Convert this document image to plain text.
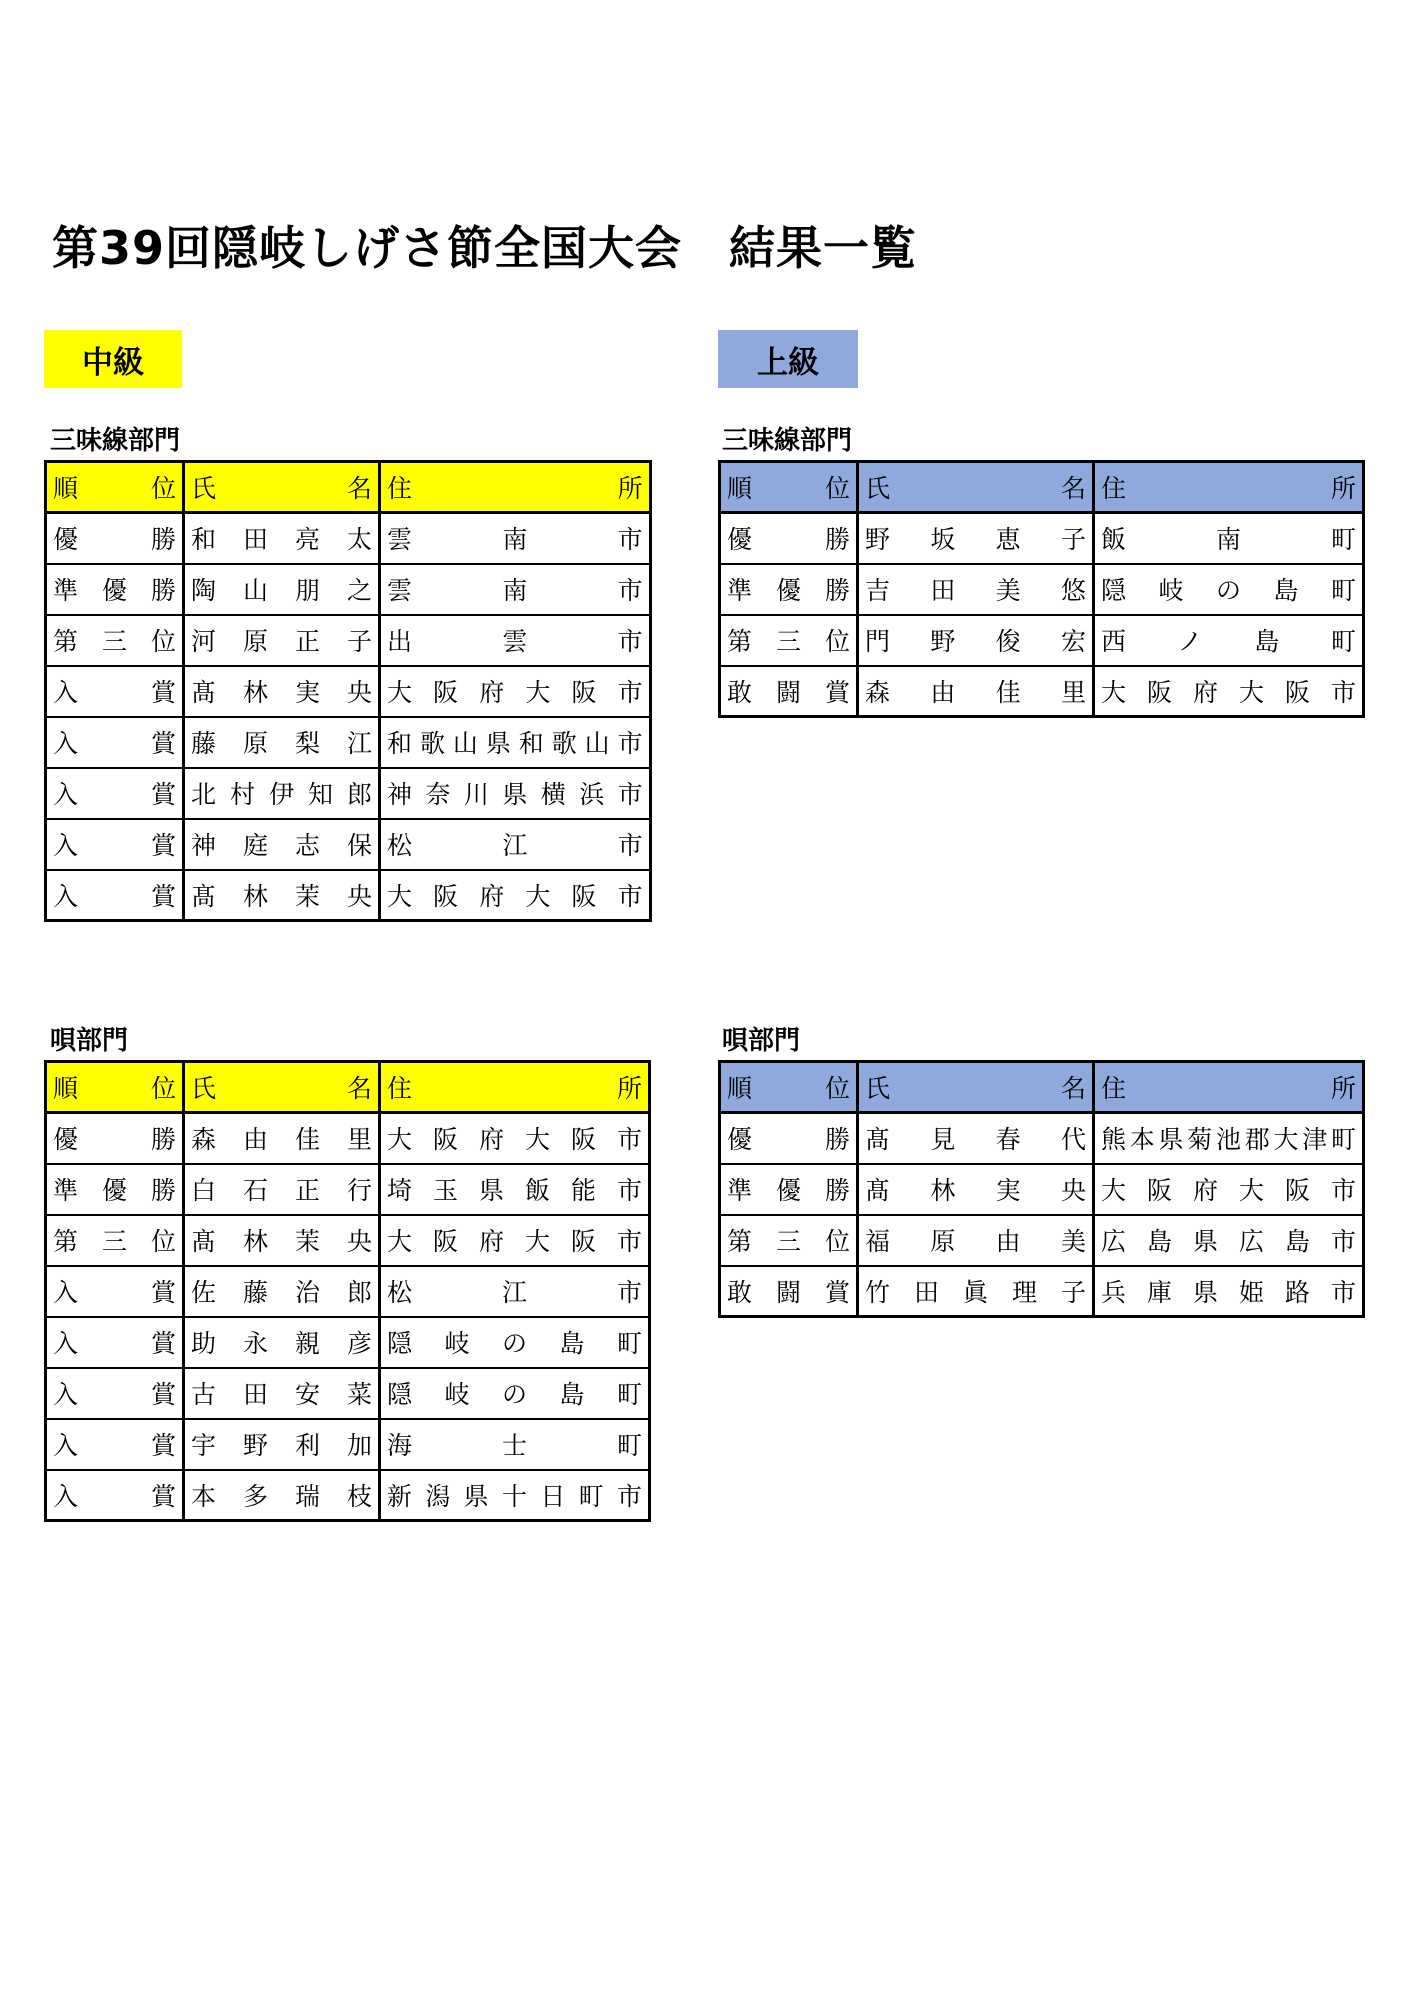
第39回隠岐しげさ節全国大会　結果一覧
中級	上級
三味線部門	三味線部門
唄部門	唄部門
順　位	氏　名	住　所
優　勝	和 田 亮 太	雲 南 市
準 優 勝	陶 山 朋 之	雲 南 市
第 三 位	河 原 正 子	出 雲 市
入　賞	髙 林 実 央	大 阪 府 大 阪 市
入　賞	藤 原 梨 江	和 歌 山 県 和 歌 山 市
入　賞	北 村 伊 知 郎	神 奈 川 県 横 浜 市
入　賞	神 庭 志 保	松 江 市
入　賞	髙 林 茉 央	大 阪 府 大 阪 市
順　位	氏　名	住　所
優　勝	野 坂 恵 子	飯 南 町
準 優 勝	吉 田 美 悠	隠 岐 の 島 町
第 三 位	門 野 俊 宏	西 ノ 島 町
敢 闘 賞	森 由 佳 里	大 阪 府 大 阪 市
順　位	氏　名	住　所
優　勝	森 由 佳 里	大 阪 府 大 阪 市
準 優 勝	白 石 正 行	埼 玉 県 飯 能 市
第 三 位	髙 林 茉 央	大 阪 府 大 阪 市
入　賞	佐 藤 治 郎	松 江 市
入　賞	助 永 親 彦	隠 岐 の 島 町
入　賞	古 田 安 菜	隠 岐 の 島 町
入　賞	宇 野 利 加	海 士 町
入　賞	本 多 瑞 枝	新 潟 県 十 日 町 市
順　位	氏　名	住　所
優　勝	髙 見 春 代	熊本県菊池郡大津町
準 優 勝	髙 林 実 央	大 阪 府 大 阪 市
第 三 位	福 原 由 美	広 島 県 広 島 市
敢 闘 賞	竹 田 眞 理 子	兵 庫 県 姫 路 市
